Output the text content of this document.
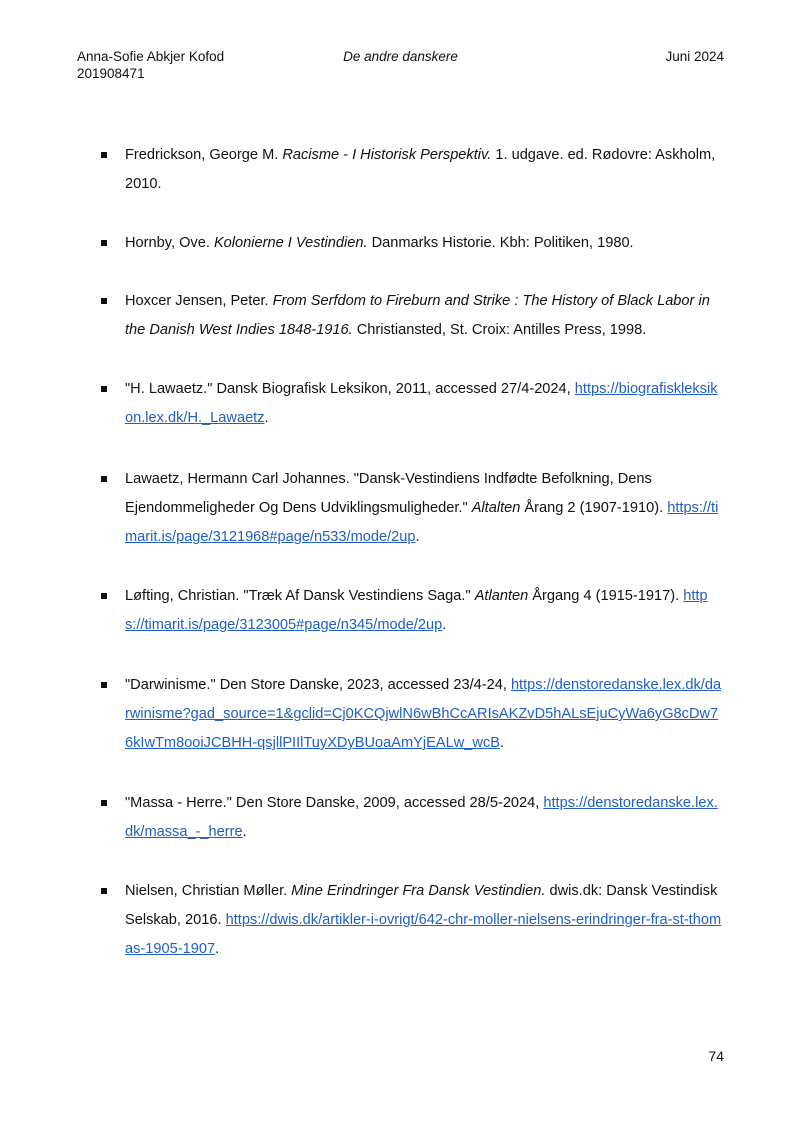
Anna-Sofie Abkjer Kofod
201908471
De andre danskere	Juni 2024
Fredrickson, George M. Racisme - I Historisk Perspektiv. 1. udgave. ed. Rødovre: Askholm, 2010.
Hornby, Ove. Kolonierne I Vestindien. Danmarks Historie. Kbh: Politiken, 1980.
Hoxcer Jensen, Peter. From Serfdom to Fireburn and Strike : The History of Black Labor in the Danish West Indies 1848-1916. Christiansted, St. Croix: Antilles Press, 1998.
"H. Lawaetz." Dansk Biografisk Leksikon, 2011, accessed 27/4-2024, https://biografiskleksikon.lex.dk/H._Lawaetz.
Lawaetz, Hermann Carl Johannes. "Dansk-Vestindiens Indfødte Befolkning, Dens Ejendommeligheder Og Dens Udviklingsmuligheder." Altalten Årang 2 (1907-1910). https://timarit.is/page/3121968#page/n533/mode/2up.
Løfting, Christian. "Træk Af Dansk Vestindiens Saga." Atlanten Årgang 4 (1915-1917). https://timarit.is/page/3123005#page/n345/mode/2up.
"Darwinisme." Den Store Danske, 2023, accessed 23/4-24, https://denstoredanske.lex.dk/darwinisme?gad_source=1&gclid=Cj0KCQjwlN6wBhCcARIsAKZvD5hALsEjuCyWa6yG8cDw76kIwTm8ooiJCBHH-qsjllPIIlTuyXDyBUoaAmYjEALw_wcB.
"Massa - Herre." Den Store Danske, 2009, accessed 28/5-2024, https://denstoredanske.lex.dk/massa_-_herre.
Nielsen, Christian Møller. Mine Erindringer Fra Dansk Vestindien. dwis.dk: Dansk Vestindisk Selskab, 2016. https://dwis.dk/artikler-i-ovrigt/642-chr-moller-nielsens-erindringer-fra-st-thomas-1905-1907.
74
